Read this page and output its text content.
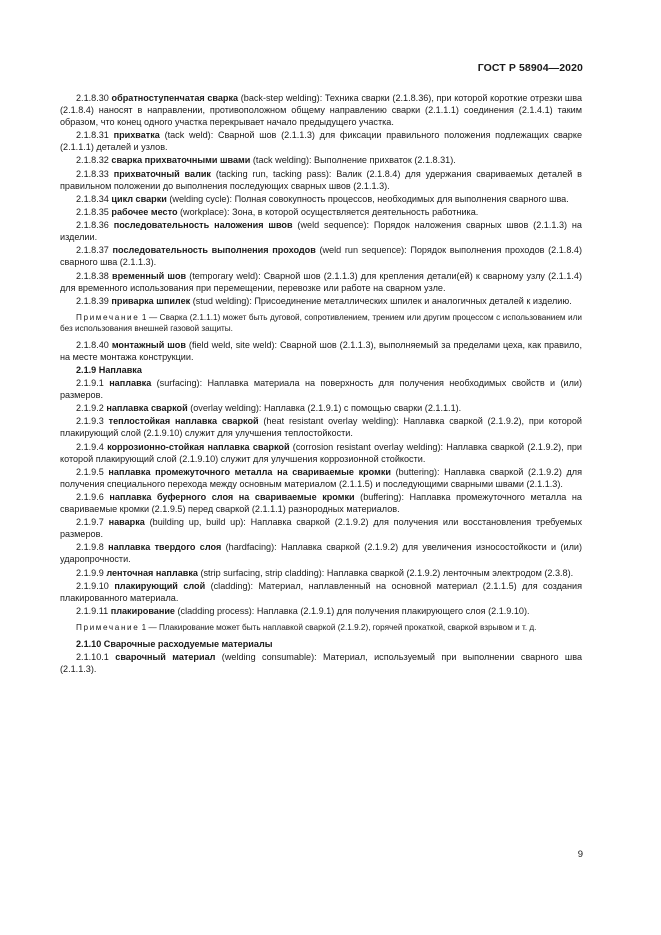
ГОСТ Р 58904—2020

2.1.8.30 обратноступенчатая сварка (back-step welding): Техника сварки (2.1.8.36), при которой короткие отрезки шва (2.1.8.4) наносят в направлении, противоположном общему направлению сварки (2.1.1.1) соединения (2.1.4.1) таким образом, что конец одного участка перекрывает начало предыдущего участка.

2.1.8.31 прихватка (tack weld): Сварной шов (2.1.1.3) для фиксации правильного положения подлежащих сварке (2.1.1.1) деталей и узлов.

2.1.8.32 сварка прихваточными швами (tack welding): Выполнение прихваток (2.1.8.31).

2.1.8.33 прихваточный валик (tacking run, tacking pass): Валик (2.1.8.4) для удержания свариваемых деталей в правильном положении до выполнения последующих сварных швов (2.1.1.3).

2.1.8.34 цикл сварки (welding cycle): Полная совокупность процессов, необходимых для выполнения сварного шва.

2.1.8.35 рабочее место (workplace): Зона, в которой осуществляется деятельность работника.

2.1.8.36 последовательность наложения швов (weld sequence): Порядок наложения сварных швов (2.1.1.3) на изделии.

2.1.8.37 последовательность выполнения проходов (weld run sequence): Порядок выполнения проходов (2.1.8.4) сварного шва (2.1.1.3).

2.1.8.38 временный шов (temporary weld): Сварной шов (2.1.1.3) для крепления детали(ей) к сварному узлу (2.1.1.4) для временного использования при перемещении, перевозке или работе на сварном узле.

2.1.8.39 приварка шпилек (stud welding): Присоединение металлических шпилек и аналогичных деталей к изделию.

Примечание 1 — Сварка (2.1.1.1) может быть дуговой, сопротивлением, трением или другим процессом с использованием или без использования внешней газовой защиты.

2.1.8.40 монтажный шов (field weld, site weld): Сварной шов (2.1.1.3), выполняемый за пределами цеха, как правило, на месте монтажа конструкции.

2.1.9 Наплавка

2.1.9.1 наплавка (surfacing): Наплавка материала на поверхность для получения необходимых свойств и (или) размеров.

2.1.9.2 наплавка сваркой (overlay welding): Наплавка (2.1.9.1) с помощью сварки (2.1.1.1).

2.1.9.3 теплостойкая наплавка сваркой (heat resistant overlay welding): Наплавка сваркой (2.1.9.2), при которой плакирующий слой (2.1.9.10) служит для улучшения теплостойкости.

2.1.9.4 коррозионно-стойкая наплавка сваркой (corrosion resistant overlay welding): Наплавка сваркой (2.1.9.2), при которой плакирующий слой (2.1.9.10) служит для улучшения коррозионной стойкости.

2.1.9.5 наплавка промежуточного металла на свариваемые кромки (buttering): Наплавка сваркой (2.1.9.2) для получения специального перехода между основным материалом (2.1.1.5) и последующими сварными швами (2.1.1.3).

2.1.9.6 наплавка буферного слоя на свариваемые кромки (buffering): Наплавка промежуточного металла на свариваемые кромки (2.1.9.5) перед сваркой (2.1.1.1) разнородных материалов.

2.1.9.7 наварка (building up, build up): Наплавка сваркой (2.1.9.2) для получения или восстановления требуемых размеров.

2.1.9.8 наплавка твердого слоя (hardfacing): Наплавка сваркой (2.1.9.2) для увеличения износостойкости и (или) ударопрочности.

2.1.9.9 ленточная наплавка (strip surfacing, strip cladding): Наплавка сваркой (2.1.9.2) ленточным электродом (2.3.8).

2.1.9.10 плакирующий слой (cladding): Материал, наплавленный на основной материал (2.1.1.5) для создания плакированного материала.

2.1.9.11 плакирование (cladding process): Наплавка (2.1.9.1) для получения плакирующего слоя (2.1.9.10).

Примечание 1 — Плакирование может быть наплавкой сваркой (2.1.9.2), горячей прокаткой, сваркой взрывом и т. д.

2.1.10 Сварочные расходуемые материалы

2.1.10.1 сварочный материал (welding consumable): Материал, используемый при выполнении сварного шва (2.1.1.3).

9
